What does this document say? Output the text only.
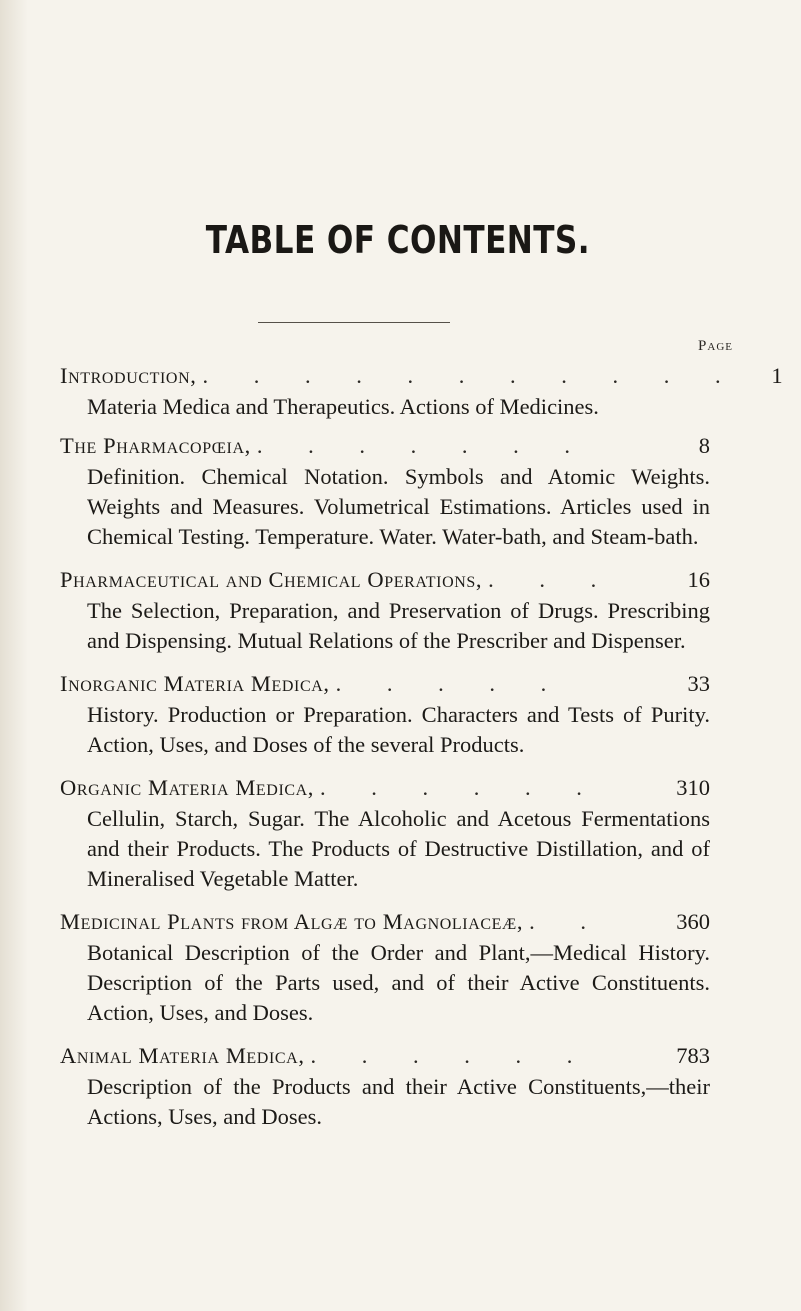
TABLE OF CONTENTS.
Page
Introduction, . . . . . . . . . . .	1
Materia Medica and Therapeutics. Actions of Medicines.
The Pharmacopœia, . . . . . . .	8
Definition. Chemical Notation. Symbols and Atomic Weights. Weights and Measures. Volumetrical Estimations. Articles used in Chemical Testing. Temperature. Water. Water-bath, and Steam-bath.
Pharmaceutical and Chemical Operations, . . .	16
The Selection, Preparation, and Preservation of Drugs. Prescribing and Dispensing. Mutual Relations of the Prescriber and Dispenser.
Inorganic Materia Medica, . . . . .	33
History. Production or Preparation. Characters and Tests of Purity. Action, Uses, and Doses of the several Products.
Organic Materia Medica, . . . . . .	310
Cellulin, Starch, Sugar. The Alcoholic and Acetous Fermentations and their Products. The Products of Destructive Distillation, and of Mineralised Vegetable Matter.
Medicinal Plants from Algæ to Magnoliaceæ, . .	360
Botanical Description of the Order and Plant,—Medical History. Description of the Parts used, and of their Active Constituents. Action, Uses, and Doses.
Animal Materia Medica, . . . . . .	783
Description of the Products and their Active Constituents,—their Actions, Uses, and Doses.
